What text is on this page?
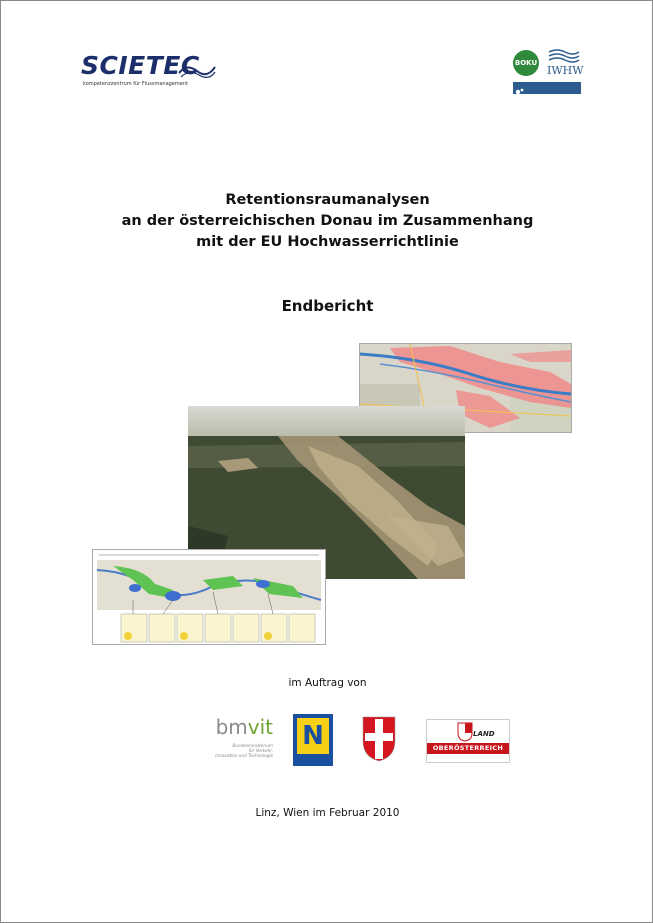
SCIETEC
kompetenzzentrum für Flussmanagement
BOKU
IWHW
Retentionsraumanalysen
an der österreichischen Donau im Zusammenhang
mit der EU Hochwasserrichtlinie
Endbericht
im Auftrag von
bmvit
Bundesministerium
für Verkehr,
Innovation und Technologie
N	LAND
OBERÖSTERREICH
Linz, Wien im Februar 2010
